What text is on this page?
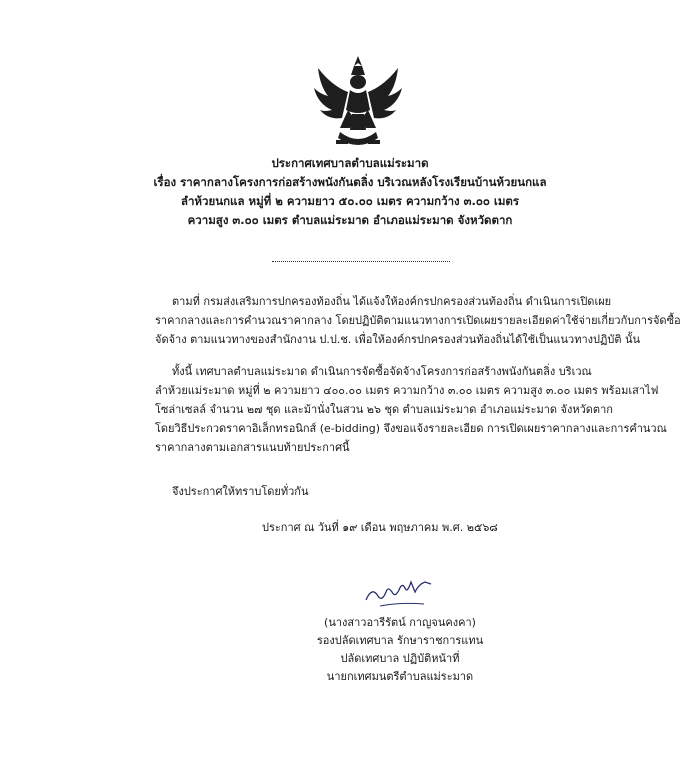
ประกาศเทศบาลตำบลแม่ระมาด
เรื่อง ราคากลางโครงการก่อสร้างพนังกันตลิ่ง บริเวณหลังโรงเรียนบ้านห้วยนกแล
ลำห้วยนกแล หมู่ที่ ๒ ความยาว ๕๐.๐๐ เมตร ความกว้าง ๓.๐๐ เมตร
ความสูง ๓.๐๐ เมตร ตำบลแม่ระมาด อำเภอแม่ระมาด จังหวัดตาก
ตามที่ กรมส่งเสริมการปกครองท้องถิ่น ได้แจ้งให้องค์กรปกครองส่วนท้องถิ่น ดำเนินการเปิดเผย
ราคากลางและการคำนวณราคากลาง โดยปฏิบัติตามแนวทางการเปิดเผยรายละเอียดค่าใช้จ่ายเกี่ยวกับการจัดซื้อ
จัดจ้าง ตามแนวทางของสำนักงาน ป.ป.ช. เพื่อให้องค์กรปกครองส่วนท้องถิ่นได้ใช้เป็นแนวทางปฏิบัติ นั้น
ทั้งนี้ เทศบาลตำบลแม่ระมาด ดำเนินการจัดซื้อจัดจ้างโครงการก่อสร้างพนังกันตลิ่ง บริเวณ
ลำห้วยแม่ระมาด หมู่ที่ ๒ ความยาว ๔๐๐.๐๐ เมตร ความกว้าง ๓.๐๐ เมตร ความสูง ๓.๐๐ เมตร พร้อมเสาไฟ
โซล่าเซลล์ จำนวน ๒๗ ชุด และม้านั่งในสวน ๒๖ ชุด ตำบลแม่ระมาด อำเภอแม่ระมาด จังหวัดตาก
โดยวิธีประกวดราคาอิเล็กทรอนิกส์ (e-bidding) จึงขอแจ้งรายละเอียด การเปิดเผยราคากลางและการคำนวณ
ราคากลางตามเอกสารแนบท้ายประกาศนี้
จึงประกาศให้ทราบโดยทั่วกัน
ประกาศ ณ วันที่ ๑๙ เดือน พฤษภาคม พ.ศ. ๒๕๖๘
(นางสาวอารีรัตน์ กาญจนคงคา)
รองปลัดเทศบาล รักษาราชการแทน
ปลัดเทศบาล ปฏิบัติหน้าที่
นายกเทศมนตรีตำบลแม่ระมาด
